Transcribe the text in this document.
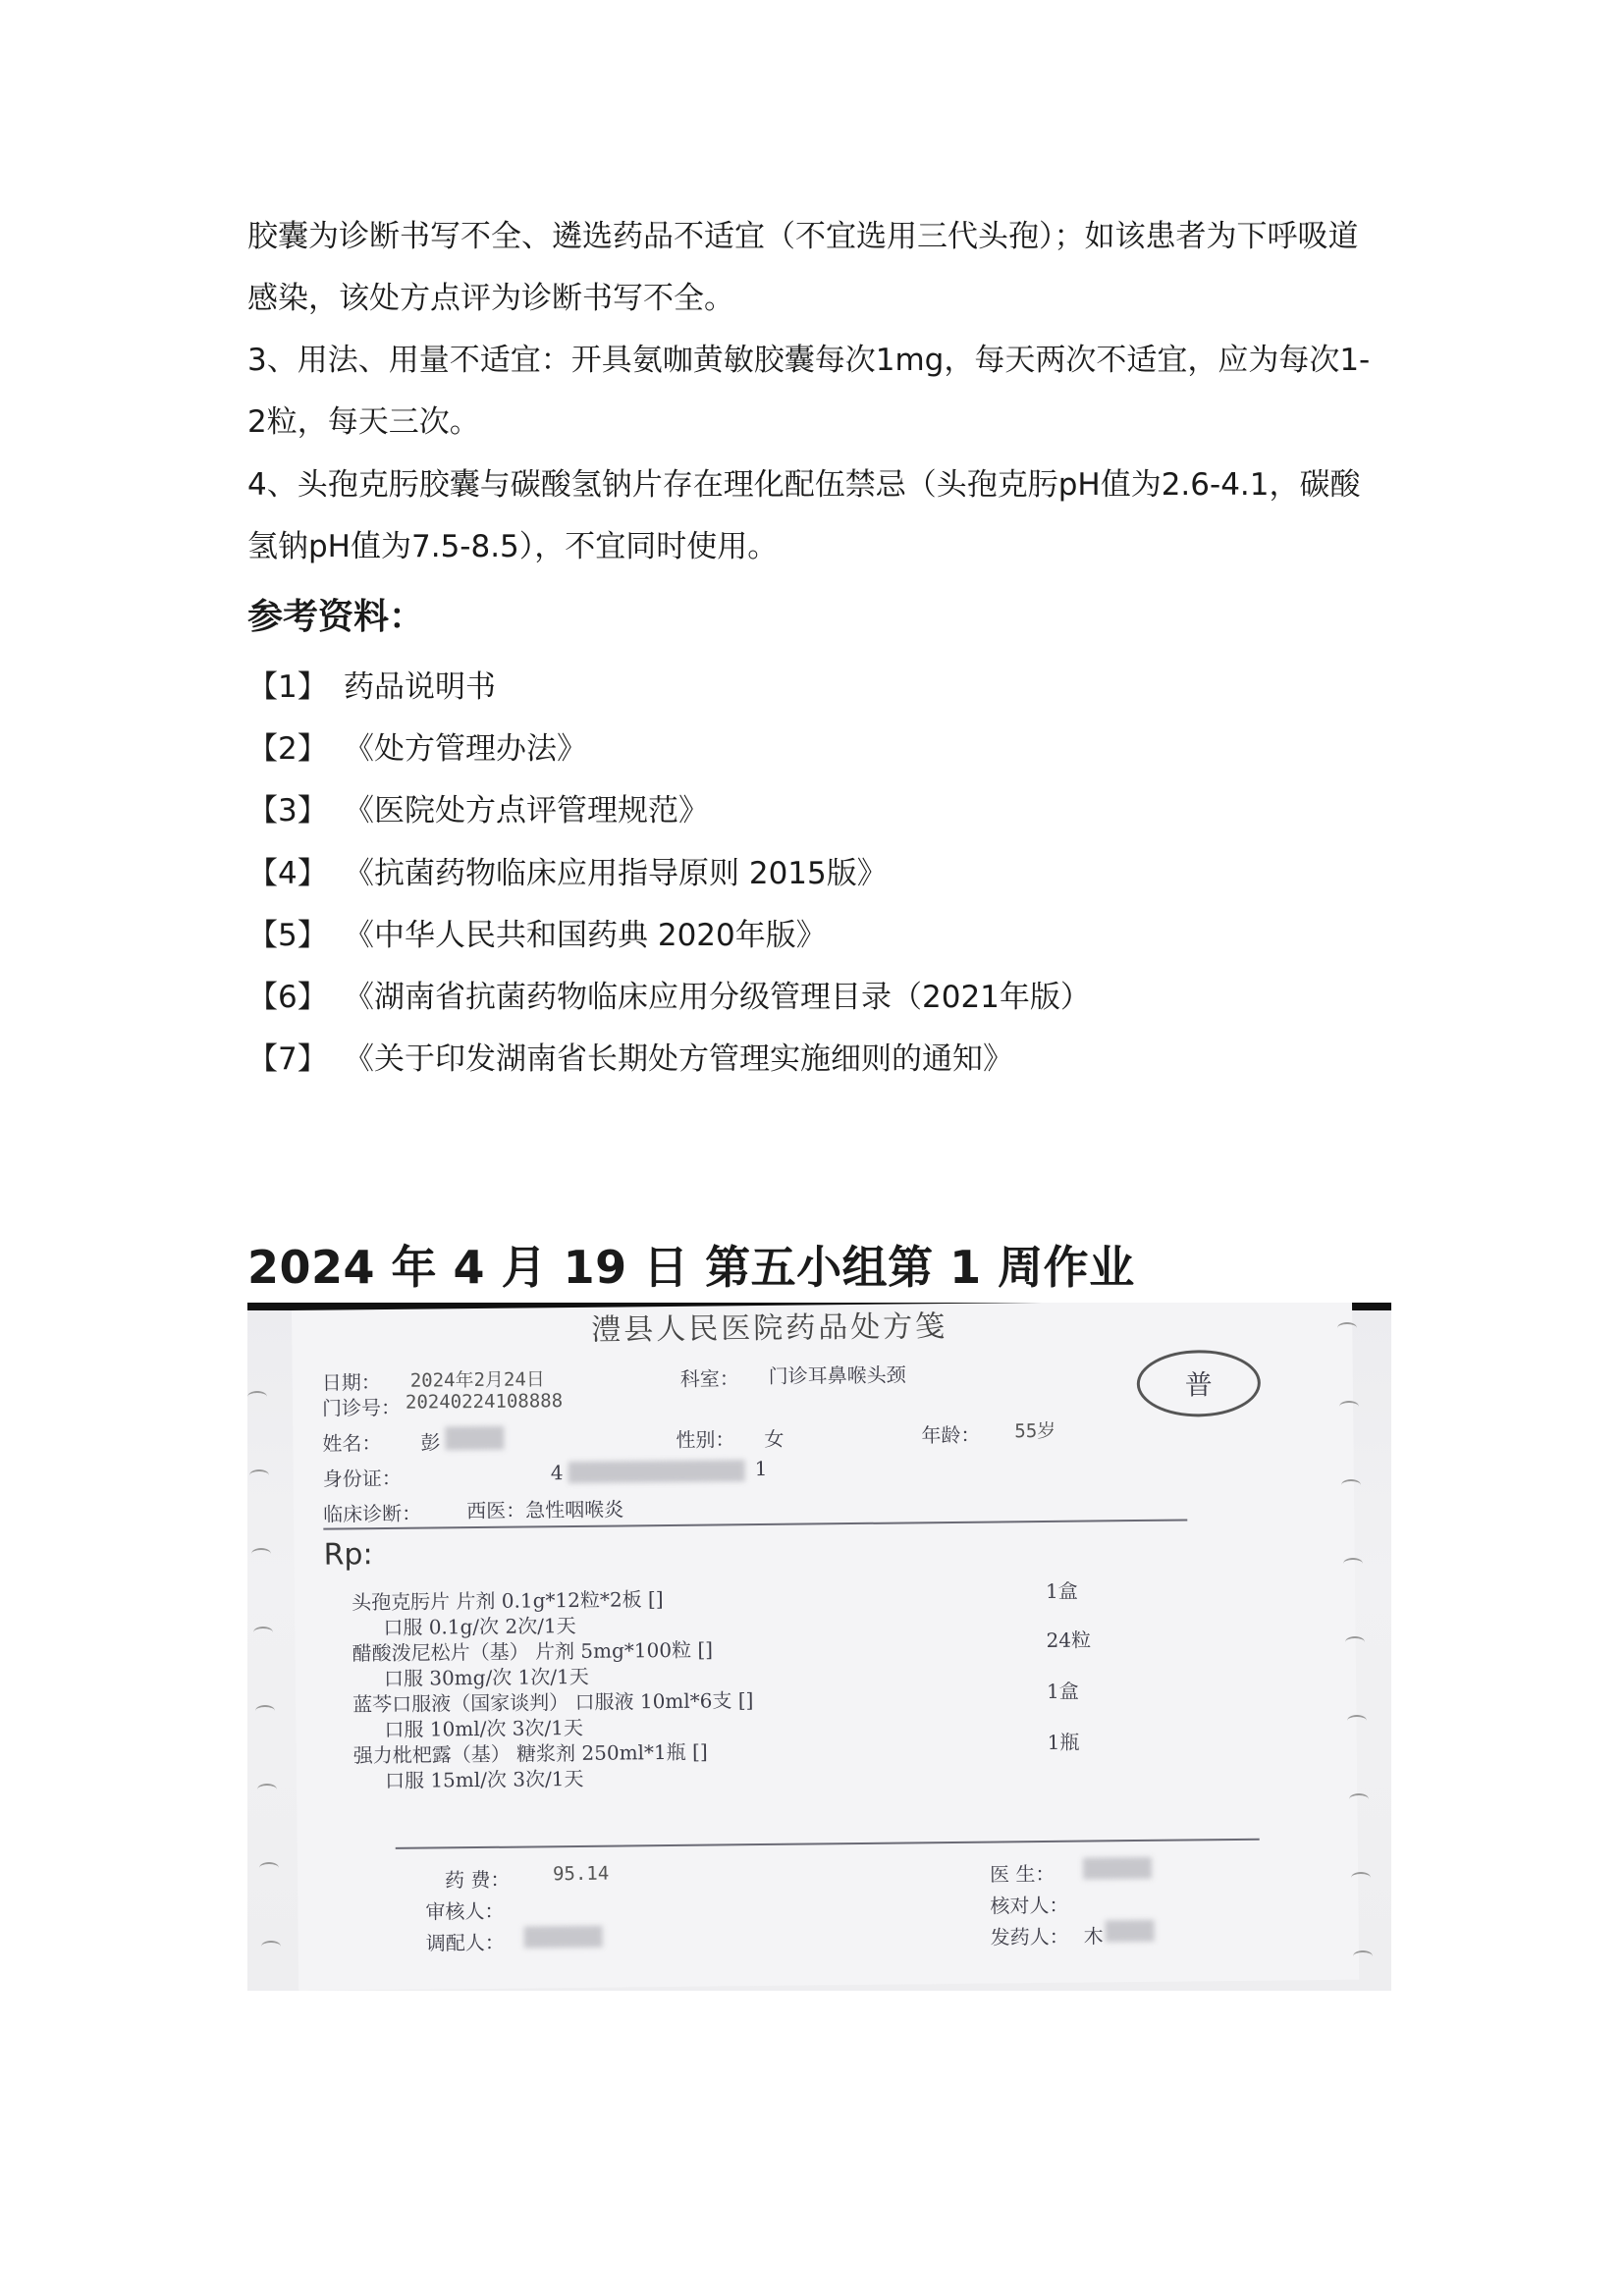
胶囊为诊断书写不全、遴选药品不适宜（不宜选用三代头孢）；如该患者为下呼吸道感染，该处方点评为诊断书写不全。

3、用法、用量不适宜：开具氨咖黄敏胶囊每次1mg，每天两次不适宜，应为每次1-2粒，每天三次。

4、头孢克肟胶囊与碳酸氢钠片存在理化配伍禁忌（头孢克肟pH值为2.6-4.1，碳酸氢钠pH值为7.5-8.5），不宜同时使用。

参考资料：
【1】 药品说明书
【2】 《处方管理办法》
【3】 《医院处方点评管理规范》
【4】 《抗菌药物临床应用指导原则 2015版》
【5】 《中华人民共和国药典 2020年版》
【6】 《湖南省抗菌药物临床应用分级管理目录（2021年版）
【7】 《关于印发湖南省长期处方管理实施细则的通知》
2024 年 4 月 19 日 第五小组第 1 周作业
澧县人民医院药品处方笺
普
日期： 2024年2月24日	科室： 门诊耳鼻喉头颈
门诊号： 20240224108888
姓名： 彭	性别： 女	年龄： 55岁
身份证：	4	1
临床诊断： 西医：急性咽喉炎
Rp:
头孢克肟片 片剂 0.1g*12粒*2板 []	1盒
口服 0.1g/次 2次/1天
醋酸泼尼松片（基） 片剂 5mg*100粒 []	24粒
口服 30mg/次 1次/1天
蓝芩口服液（国家谈判） 口服液 10ml*6支 []	1盒
口服 10ml/次 3次/1天
强力枇杷露（基） 糖浆剂 250ml*1瓶 []	1瓶
口服 15ml/次 3次/1天
药 费： 95.14	医 生：
审核人：	核对人：
调配人：	发药人： 木
